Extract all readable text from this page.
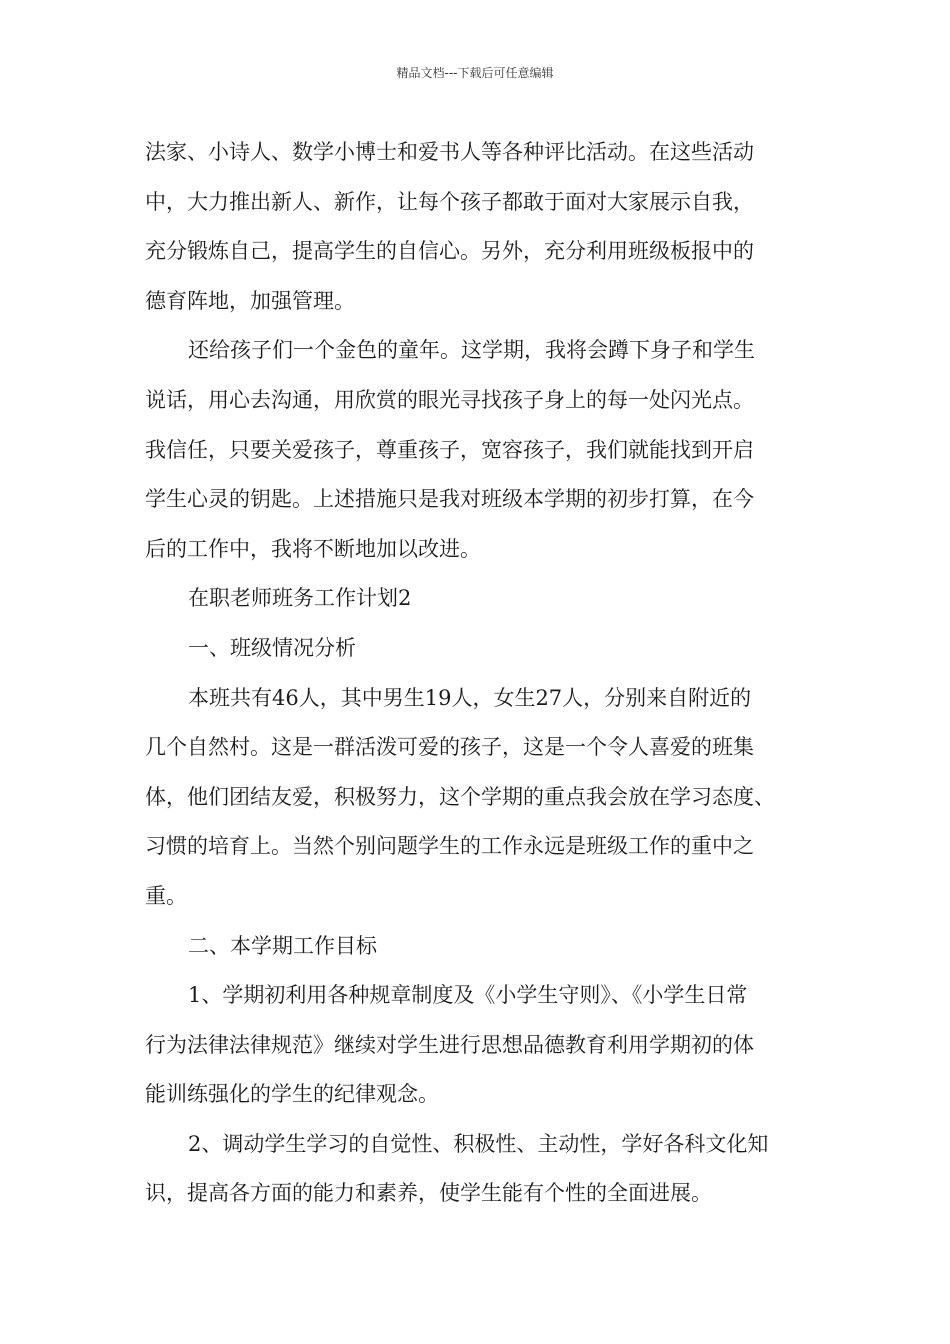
精品文档---下载后可任意编辑
法家、小诗人、数学小博士和爱书人等各种评比活动。在这些活动
中，大力推出新人、新作，让每个孩子都敢于面对大家展示自我，
充分锻炼自己，提高学生的自信心。另外，充分利用班级板报中的
德育阵地，加强管理。
还给孩子们一个金色的童年。这学期，我将会蹲下身子和学生
说话，用心去沟通，用欣赏的眼光寻找孩子身上的每一处闪光点。
我信任，只要关爱孩子，尊重孩子，宽容孩子，我们就能找到开启
学生心灵的钥匙。上述措施只是我对班级本学期的初步打算，在今
后的工作中，我将不断地加以改进。
在职老师班务工作计划2
一、班级情况分析
本班共有46人，其中男生19人，女生27人，分别来自附近的
几个自然村。这是一群活泼可爱的孩子，这是一个令人喜爱的班集
体，他们团结友爱，积极努力，这个学期的重点我会放在学习态度、
习惯的培育上。当然个别问题学生的工作永远是班级工作的重中之
重。
二、本学期工作目标
1、学期初利用各种规章制度及《小学生守则》、《小学生日常
行为法律法律规范》继续对学生进行思想品德教育利用学期初的体
能训练强化的学生的纪律观念。
2、调动学生学习的自觉性、积极性、主动性，学好各科文化知
识，提高各方面的能力和素养，使学生能有个性的全面进展。
